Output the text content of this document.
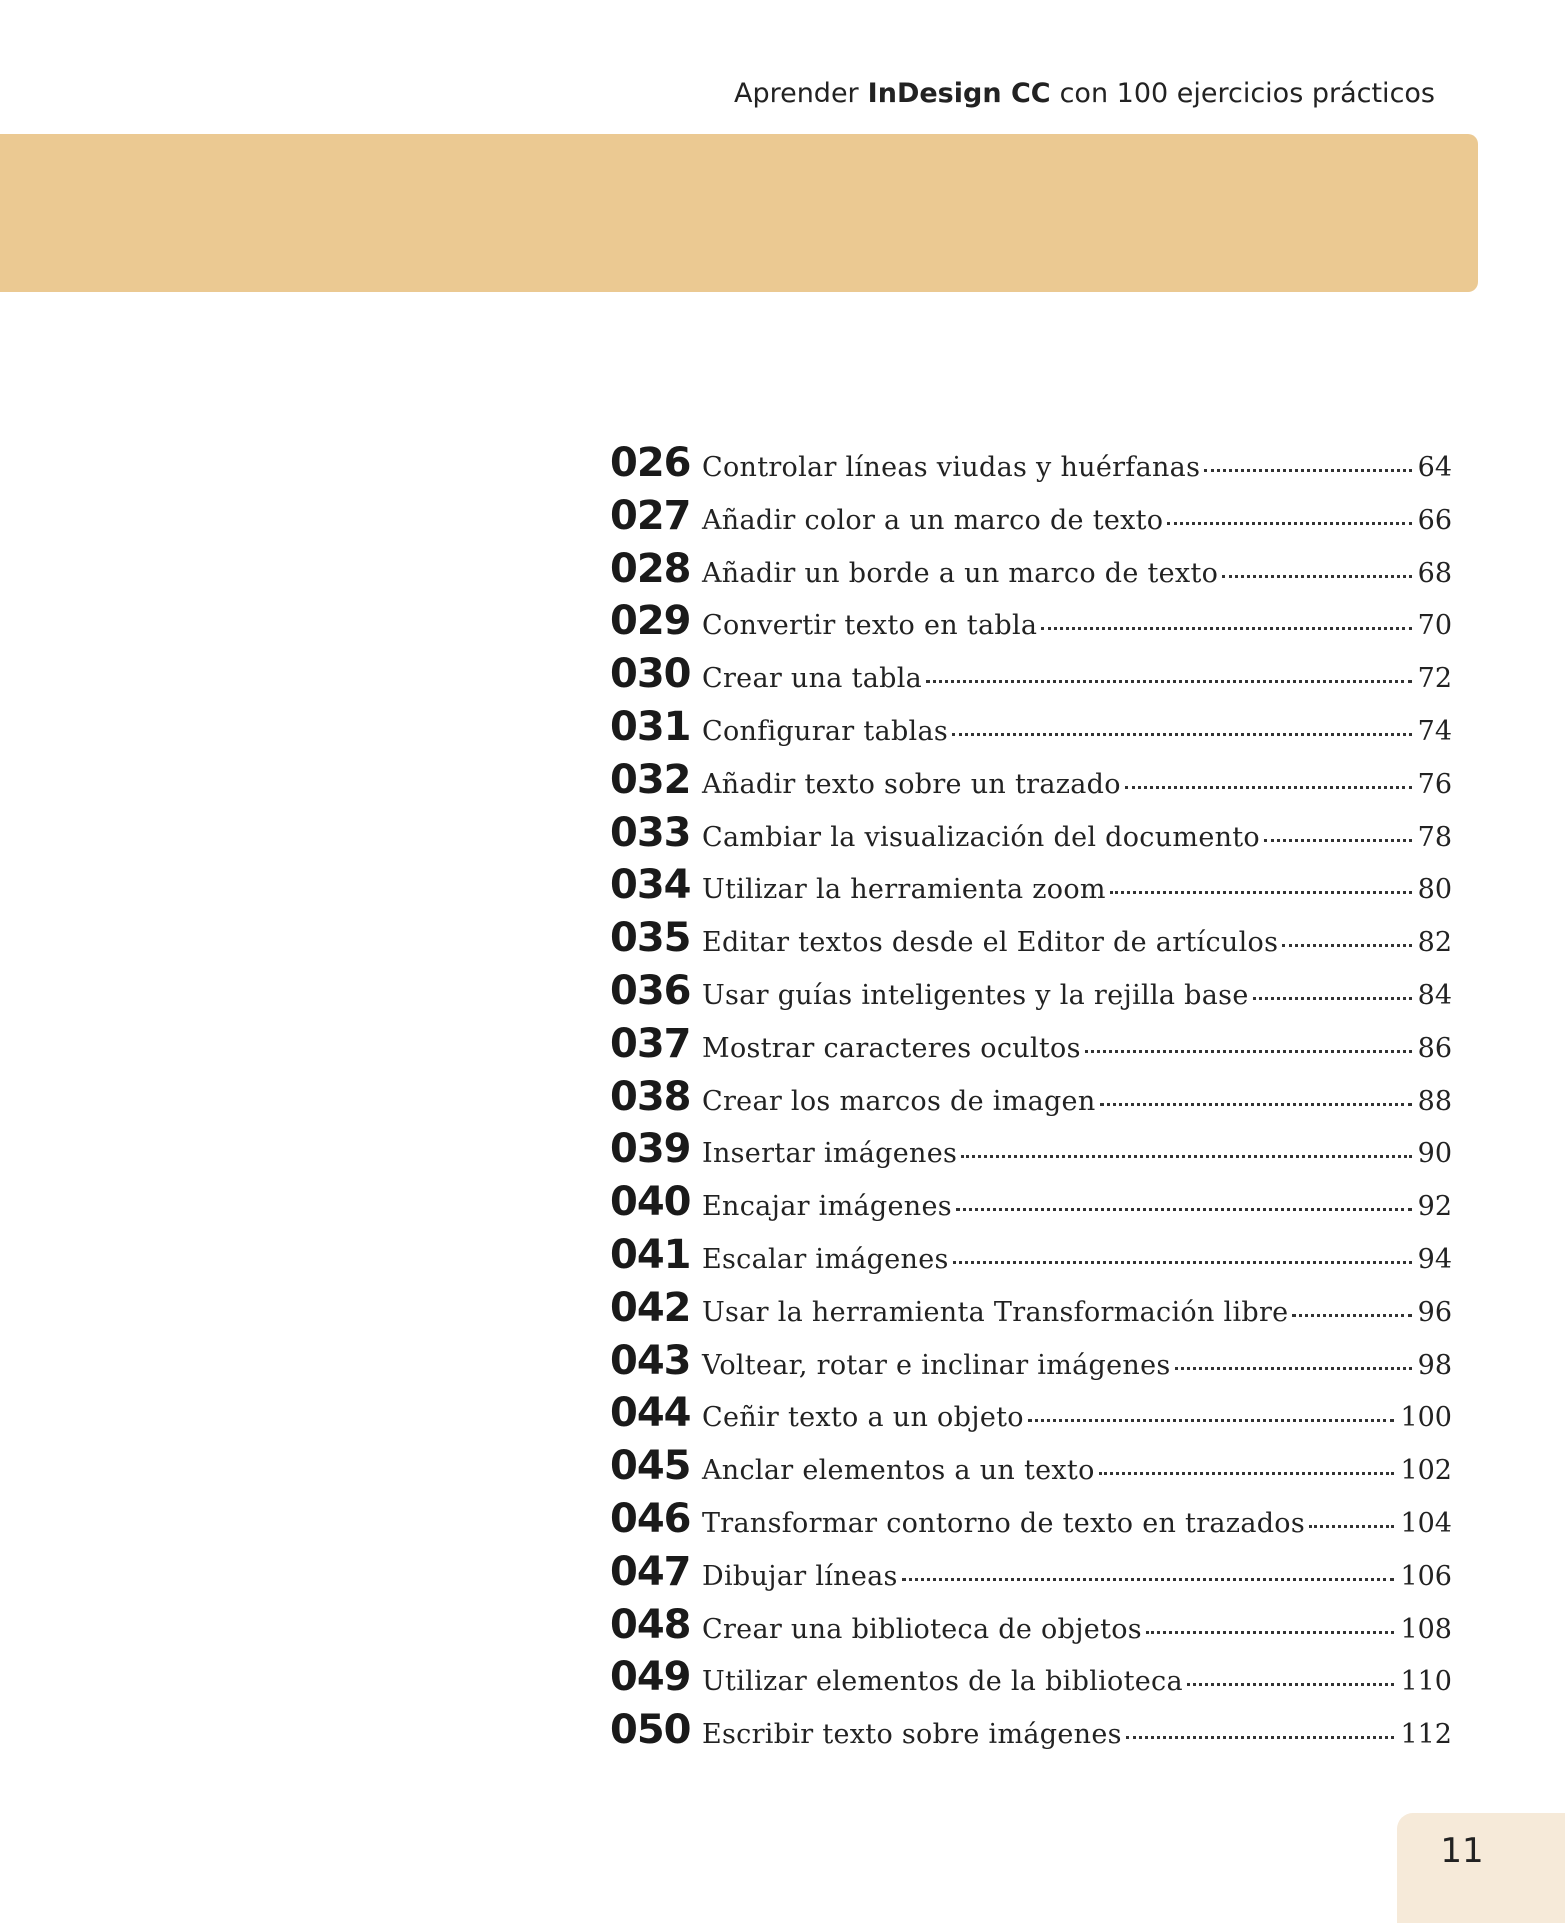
Aprender InDesign CC con 100 ejercicios prácticos
026 Controlar líneas viudas y huérfanas	64
027 Añadir color a un marco de texto	66
028 Añadir un borde a un marco de texto	68
029 Convertir texto en tabla	70
030 Crear una tabla	72
031 Configurar tablas	74
032 Añadir texto sobre un trazado	76
033 Cambiar la visualización del documento	78
034 Utilizar la herramienta zoom	80
035 Editar textos desde el Editor de artículos	82
036 Usar guías inteligentes y la rejilla base	84
037 Mostrar caracteres ocultos	86
038 Crear los marcos de imagen	88
039 Insertar imágenes	90
040 Encajar imágenes	92
041 Escalar imágenes	94
042 Usar la herramienta Transformación libre	96
043 Voltear, rotar e inclinar imágenes	98
044 Ceñir texto a un objeto	100
045 Anclar elementos a un texto	102
046 Transformar contorno de texto en trazados	104
047 Dibujar líneas	106
048 Crear una biblioteca de objetos	108
049 Utilizar elementos de la biblioteca	110
050 Escribir texto sobre imágenes	112
11
